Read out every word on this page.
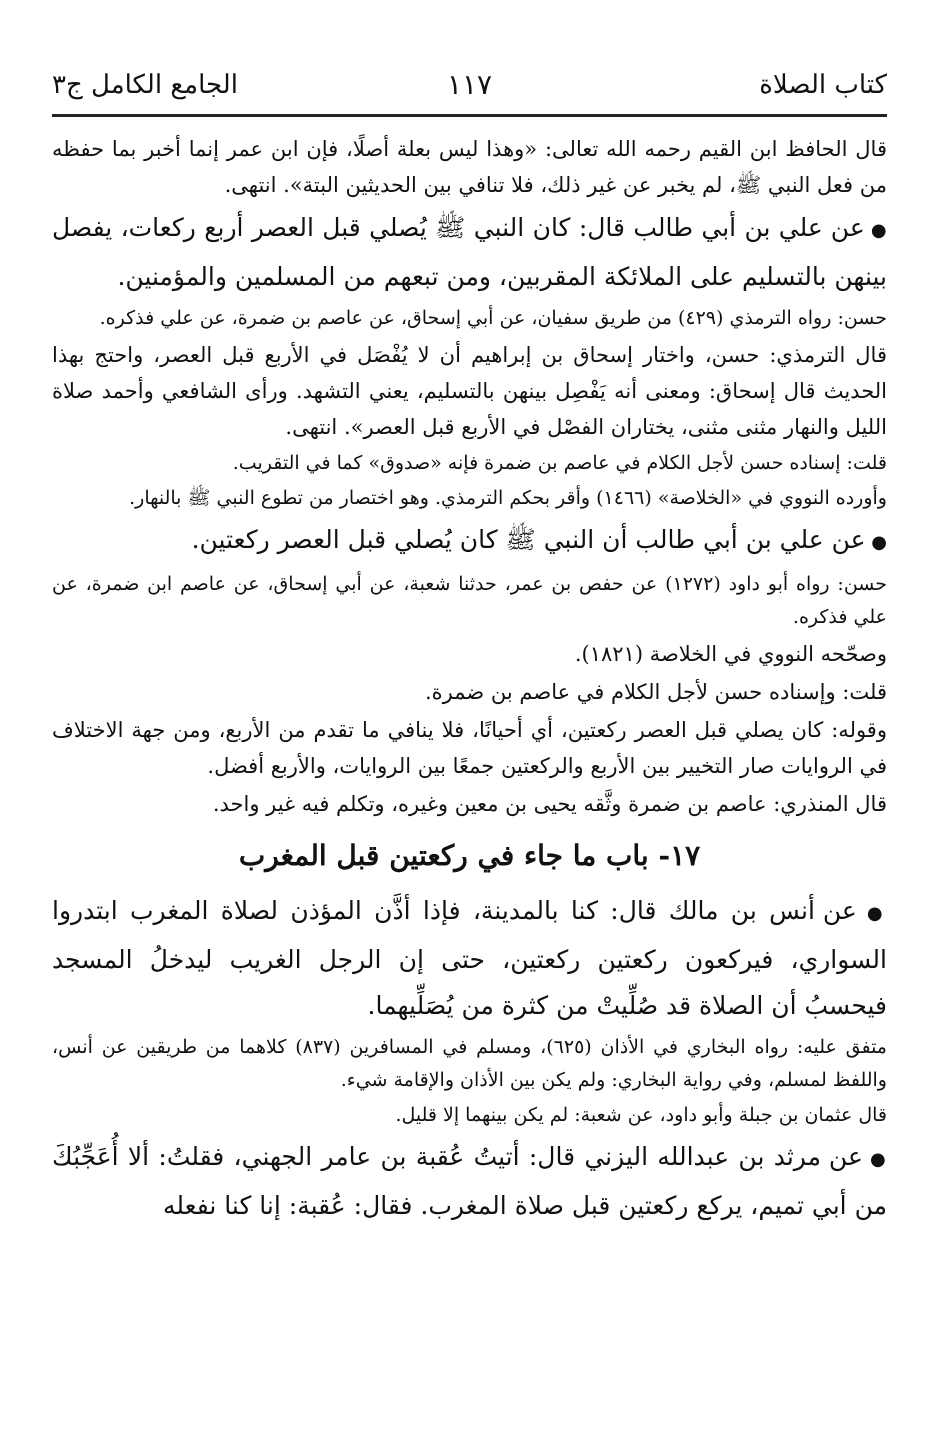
كتاب الصلاة
١١٧
الجامع الكامل ج٣

قال الحافظ ابن القيم رحمه الله تعالى: «وهذا ليس بعلة أصلًا، فإن ابن عمر إنما أخبر بما حفظه من فعل النبي ﷺ، لم يخبر عن غير ذلك، فلا تنافي بين الحديثين البتة». انتهى.

● عن علي بن أبي طالب قال: كان النبي ﷺ يُصلي قبل العصر أربع ركعات، يفصل بينهن بالتسليم على الملائكة المقربين، ومن تبعهم من المسلمين والمؤمنين.

حسن: رواه الترمذي (٤٢٩) من طريق سفيان، عن أبي إسحاق، عن عاصم بن ضمرة، عن علي فذكره.

قال الترمذي: حسن، واختار إسحاق بن إبراهيم أن لا يُفْصَل في الأربع قبل العصر، واحتج بهذا الحديث قال إسحاق: ومعنى أنه يَفْصِل بينهن بالتسليم، يعني التشهد. ورأى الشافعي وأحمد صلاة الليل والنهار مثنى مثنى، يختاران الفصْل في الأربع قبل العصر». انتهى.

قلت: إسناده حسن لأجل الكلام في عاصم بن ضمرة فإنه «صدوق» كما في التقريب.

وأورده النووي في «الخلاصة» (١٤٦٦) وأقر بحكم الترمذي. وهو اختصار من تطوع النبي ﷺ بالنهار.

● عن علي بن أبي طالب أن النبي ﷺ كان يُصلي قبل العصر ركعتين.

حسن: رواه أبو داود (١٢٧٢) عن حفص بن عمر، حدثنا شعبة، عن أبي إسحاق، عن عاصم ابن ضمرة، عن علي فذكره.

وصحّحه النووي في الخلاصة (١٨٢١).

قلت: وإسناده حسن لأجل الكلام في عاصم بن ضمرة.

وقوله: كان يصلي قبل العصر ركعتين، أي أحيانًا، فلا ينافي ما تقدم من الأربع، ومن جهة الاختلاف في الروايات صار التخيير بين الأربع والركعتين جمعًا بين الروايات، والأربع أفضل.

قال المنذري: عاصم بن ضمرة وثَّقه يحيى بن معين وغيره، وتكلم فيه غير واحد.

١٧- باب ما جاء في ركعتين قبل المغرب

● عن أنس بن مالك قال: كنا بالمدينة، فإذا أذَّن المؤذن لصلاة المغرب ابتدروا السواري، فيركعون ركعتين ركعتين، حتى إن الرجل الغريب ليدخلُ المسجد فيحسبُ أن الصلاة قد صُلِّيتْ من كثرة من يُصَلِّيهما.

متفق عليه: رواه البخاري في الأذان (٦٢٥)، ومسلم في المسافرين (٨٣٧) كلاهما من طريقين عن أنس، واللفظ لمسلم، وفي رواية البخاري: ولم يكن بين الأذان والإقامة شيء.

قال عثمان بن جبلة وأبو داود، عن شعبة: لم يكن بينهما إلا قليل.

● عن مرثد بن عبدالله اليزني قال: أتيتُ عُقبة بن عامر الجهني، فقلتُ: ألا أُعَجِّبُكَ من أبي تميم، يركع ركعتين قبل صلاة المغرب. فقال: عُقبة: إنا كنا نفعله
